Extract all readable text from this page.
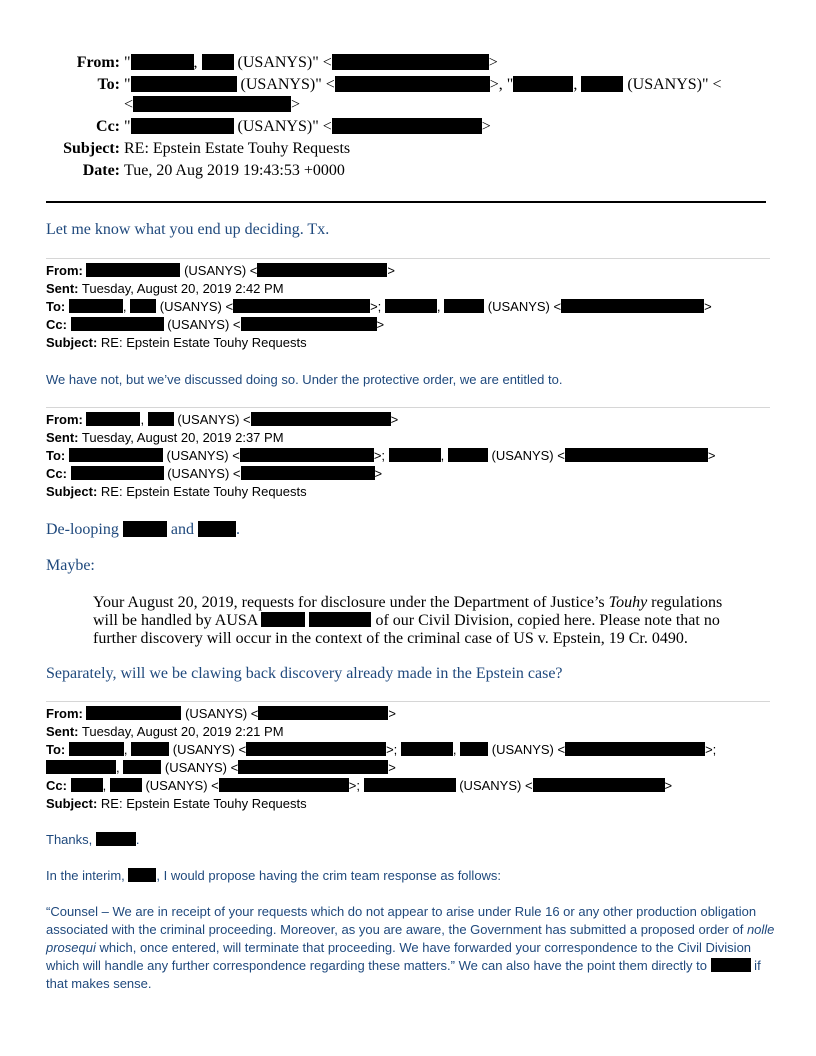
From: "	,  (USANYS)" <	>
To: "	(USANYS)" <	>, "	,	(USANYS)" <
<	>
Cc: "	(USANYS)" <	>
Subject: RE: Epstein Estate Touhy Requests
Date: Tue, 20 Aug 2019 19:43:53 +0000
Let me know what you end up deciding. Tx.
From:	(USANYS) <	>
Sent: Tuesday, August 20, 2019 2:42 PM
To:	,  (USANYS) <	>;	,	(USANYS) <	>
Cc:	(USANYS) <	>
Subject: RE: Epstein Estate Touhy Requests
We have not, but we’ve discussed doing so. Under the protective order, we are entitled to.
From:	,  (USANYS) <	>
Sent: Tuesday, August 20, 2019 2:37 PM
To:	(USANYS) <	>;	,	(USANYS) <	>
Cc:	(USANYS) <	>
Subject: RE: Epstein Estate Touhy Requests
De-looping	and .
Maybe:
Your August 20, 2019, requests for disclosure under the Department of Justice’s Touhy regulations will be handled by AUSA	of our Civil Division, copied here. Please note that no further discovery will occur in the context of the criminal case of US v. Epstein, 19 Cr. 0490.
Separately, will we be clawing back discovery already made in the Epstein case?
From:	(USANYS) <	>
Sent: Tuesday, August 20, 2019 2:21 PM
To:	,	(USANYS) <	>;	,  (USANYS) <	>;
,	(USANYS) <	>
Cc:	,	(USANYS) <	>;	(USANYS) <	>
Subject: RE: Epstein Estate Touhy Requests
Thanks,	.
In the interim, , I would propose having the crim team response as follows:
“Counsel – We are in receipt of your requests which do not appear to arise under Rule 16 or any other production obligation associated with the criminal proceeding. Moreover, as you are aware, the Government has submitted a proposed order of nolle prosequi which, once entered, will terminate that proceeding. We have forwarded your correspondence to the Civil Division which will handle any further correspondence regarding these matters.” We can also have the point them directly to	if that makes sense.
